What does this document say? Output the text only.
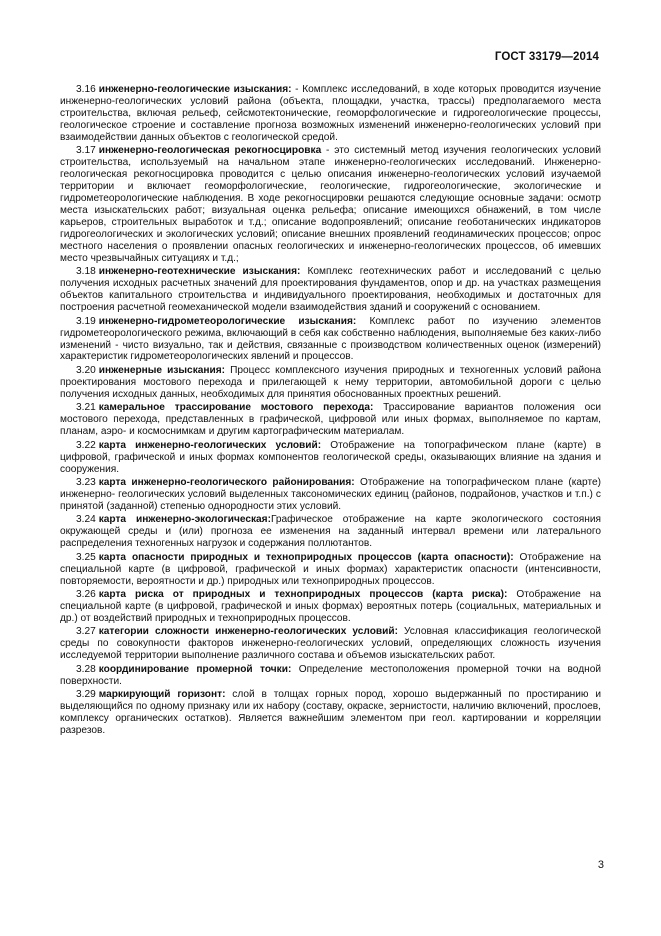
ГОСТ 33179—2014

3.16 инженерно-геологические изыскания: - Комплекс исследований, в ходе которых проводится изучение инженерно-геологических условий района (объекта, площадки, участка, трассы) предполагаемого места строительства, включая рельеф, сейсмотектонические, геоморфологические и гидрогеологические процессы, геологическое строение и составление прогноза возможных изменений инженерно-геологических условий при взаимодействии данных объектов с геологической средой.

3.17 инженерно-геологическая рекогносцировка - это системный метод изучения геологических условий строительства, используемый на начальном этапе инженерно-геологических исследований. Инженерно-геологическая рекогносцировка проводится с целью описания инженерно-геологических условий изучаемой территории и включает геоморфологические, геологические, гидрогеологические, экологические и гидрометеорологические наблюдения. В ходе рекогносцировки решаются следующие основные задачи: осмотр места изыскательских работ; визуальная оценка рельефа; описание имеющихся обнажений, в том числе карьеров, строительных выработок и т.д.; описание водопроявлений; описание геоботанических индикаторов гидрогеологических и экологических условий; описание внешних проявлений геодинамических процессов; опрос местного населения о проявлении опасных геологических и инженерно-геологических процессов, об имевших место чрезвычайных ситуациях и т.д.;

3.18 инженерно-геотехнические изыскания: Комплекс геотехнических работ и исследований с целью получения исходных расчетных значений для проектирования фундаментов, опор и др. на участках размещения объектов капитального строительства и индивидуального проектирования, необходимых и достаточных для построения расчетной геомеханической модели взаимодействия зданий и сооружений с основанием.

3.19 инженерно-гидрометеорологические изыскания: Комплекс работ по изучению элементов гидрометеорологического режима, включающий в себя как собственно наблюдения, выполняемые без каких-либо изменений - чисто визуально, так и действия, связанные с производством количественных оценок (измерений) характеристик гидрометеорологических явлений и процессов.

3.20 инженерные изыскания: Процесс комплексного изучения природных и техногенных условий района проектирования мостового перехода и прилегающей к нему территории, автомобильной дороги с целью получения исходных данных, необходимых для принятия обоснованных проектных решений.

3.21 камеральное трассирование мостового перехода: Трассирование вариантов положения оси мостового перехода, представленных в графической, цифровой или иных формах, выполняемое по картам, планам, аэро- и космоснимкам и другим картографическим материалам.

3.22 карта инженерно-геологических условий: Отображение на топографическом плане (карте) в цифровой, графической и иных формах компонентов геологической среды, оказывающих влияние на здания и сооружения.

3.23 карта инженерно-геологического районирования: Отображение на топографическом плане (карте) инженерно- геологических условий выделенных таксономических единиц (районов, подрайонов, участков и т.п.) с принятой (заданной) степенью однородности этих условий.

3.24 карта инженерно-экологическая:Графическое отображение на карте экологического состояния окружающей среды и (или) прогноза ее изменения на заданный интервал времени или латерального распределения техногенных нагрузок и содержания поллютантов.

3.25 карта опасности природных и технoприродных процессов (карта опасности): Отображение на специальной карте (в цифровой, графической и иных формах) характеристик опасности (интенсивности, повторяемости, вероятности и др.) природных или технoприродных процессов.

3.26 карта риска от природных и технoприродных процессов (карта риска): Отображение на специальной карте (в цифровой, графической и иных формах) вероятных потерь (социальных, материальных и др.) от воздействий природных и технoприродных процессов.

3.27 категории сложности инженерно-геологических условий: Условная классификация геологической среды по совокупности факторов инженерно-геологических условий, определяющих сложность изучения исследуемой территории выполнение различного состава и объемов изыскательских работ.

3.28 координирование промерной точки: Определение местоположения промерной точки на водной поверхности.

3.29 маркирующий горизонт: слой в толщах горных пород, хорошо выдержанный по простиранию и выделяющийся по одному признаку или их набору (составу, окраске, зернистости, наличию включений, прослоев, комплексу органических остатков). Является важнейшим элементом при геол. картировании и корреляции разрезов.

3
